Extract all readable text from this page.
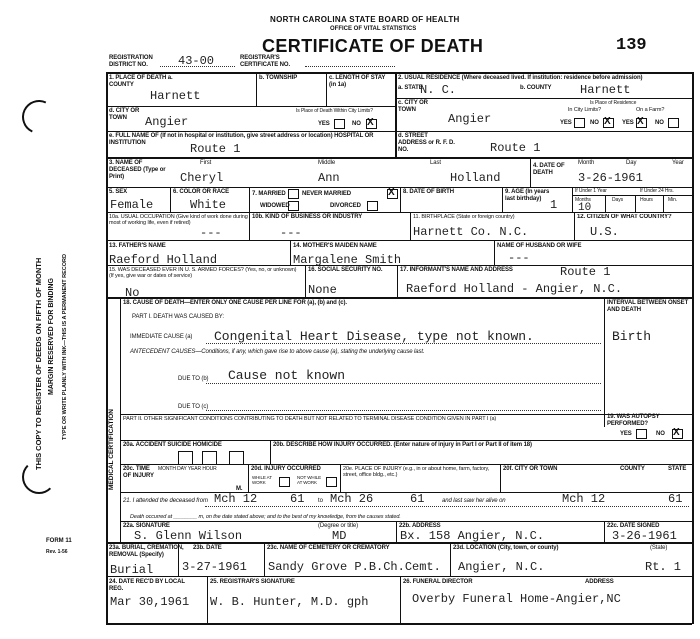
THIS COPY TO REGISTER OF DEEDS ON FIFTH OF MONTH MARGIN RESERVED FOR BINDING TYPE OR WRITE PLAINLY WITH INK—THIS IS A PERMANENT RECORD
FORM 11
Rev. 1-56
NORTH CAROLINA STATE BOARD OF HEALTH
OFFICE OF VITAL STATISTICS
CERTIFICATE OF DEATH	139
REGISTRATION DISTRICT NO.	43-00	REGISTRAR'S CERTIFICATE NO.
1. PLACE OF DEATH a. COUNTY
Harnett
b. TOWNSHIP	c. LENGTH OF STAY (in 1a)
d. CITY OR TOWN	Angier
Is Place of Death Within City Limits?
YES	NO X
e. FULL NAME OF (If not in hospital or institution, give street address or location) HOSPITAL OR INSTITUTION	Route 1
2. USUAL RESIDENCE (Where deceased lived. If institution: residence before admission)
a. STATE
N. C.	b. COUNTY Harnett
c. CITY OR TOWN
Angier
Is Place of Residence
In City Limits?	On a Farm?
YES	NO X YES X NO
d. STREET ADDRESS or R. F. D. NO.	Route 1
3. NAME OF DECEASED (Type or Print)
First	Middle	Last
Cheryl	Ann	Holland
4. DATE OF DEATH
Month	Day	Year
3-26-1961
5. SEX
Female
6. COLOR OR RACE
White
7. MARRIED	NEVER MARRIED	X
WIDOWED	DIVORCED
8. DATE OF BIRTH	9. AGE (In years last birthday) 1
If Under 1 Year	If Under 24 Hrs.
Months	Days	Hours	Min.
10
10a. USUAL OCCUPATION (Give kind of work done during most of working life, even if retired)
---
10b. KIND OF BUSINESS OR INDUSTRY
---
11. BIRTHPLACE (State or foreign country)
Harnett Co. N.C.
12. CITIZEN OF WHAT COUNTRY?
U.S.
13. FATHER'S NAME
Raeford Holland
14. MOTHER'S MAIDEN NAME
Margalene Smith
NAME OF HUSBAND OR WIFE
---
15. WAS DECEASED EVER IN U. S. ARMED FORCES? (Yes, no, or unknown) (If yes, give war or dates of service)
No
16. SOCIAL SECURITY NO.
None
17. INFORMANT'S NAME AND ADDRESS	Route 1
Raeford Holland - Angier, N.C.
MEDICAL CERTIFICATION
18. CAUSE OF DEATH—ENTER ONLY ONE CAUSE PER LINE FOR (a), (b) and (c).	INTERVAL BETWEEN ONSET AND DEATH
PART I. DEATH WAS CAUSED BY:
IMMEDIATE CAUSE (a) Congenital Heart Disease, type not known.	Birth
ANTECEDENT CAUSES—Conditions, if any, which gave rise to above cause (a), stating the underlying cause last.
DUE TO (b) Cause not known
DUE TO (c)
PART II. OTHER SIGNIFICANT CONDITIONS CONTRIBUTING TO DEATH BUT NOT RELATED TO TERMINAL DISEASE CONDITION GIVEN IN PART I (a)	19. WAS AUTOPSY PERFORMED?
YES	NO X
20a. ACCIDENT SUICIDE HOMICIDE	20b. DESCRIBE HOW INJURY OCCURRED. (Enter nature of injury in Part I or Part II of item 18)
20c. TIME OF INJURY
MONTH DAY YEAR HOUR
M.
20d. INJURY OCCURRED
WHILE AT WORK
NOT WHILE AT WORK
20e. PLACE OF INJURY (e.g., in or about home, farm, factory, street, office bldg., etc.)
20f. CITY OR TOWN	COUNTY	STATE
21. I attended the deceased from Mch 12	61 to Mch 26	61	and last saw her alive on	Mch 12	61
Death occurred at ________ m, on the date stated above; and to the best of my knowledge, from the causes stated.
22a. SIGNATURE	(Degree or title)
S. Glenn Wilson	MD
22b. ADDRESS
Bx. 158 Angier, N.C.
22c. DATE SIGNED
3-26-1961
23a. BURIAL, CREMATION, REMOVAL (Specify)
Burial
23b. DATE
3-27-1961
23c. NAME OF CEMETERY OR CREMATORY
Sandy Grove P.B.Ch.Cemt.
23d. LOCATION (City, town, or county)	(State)
Angier, N.C.	Rt. 1
24. DATE REC'D BY LOCAL REG.
Mar 30,1961
25. REGISTRAR'S SIGNATURE
W. B. Hunter, M.D. gph
26. FUNERAL DIRECTOR	ADDRESS
Overby Funeral Home-Angier,NC
